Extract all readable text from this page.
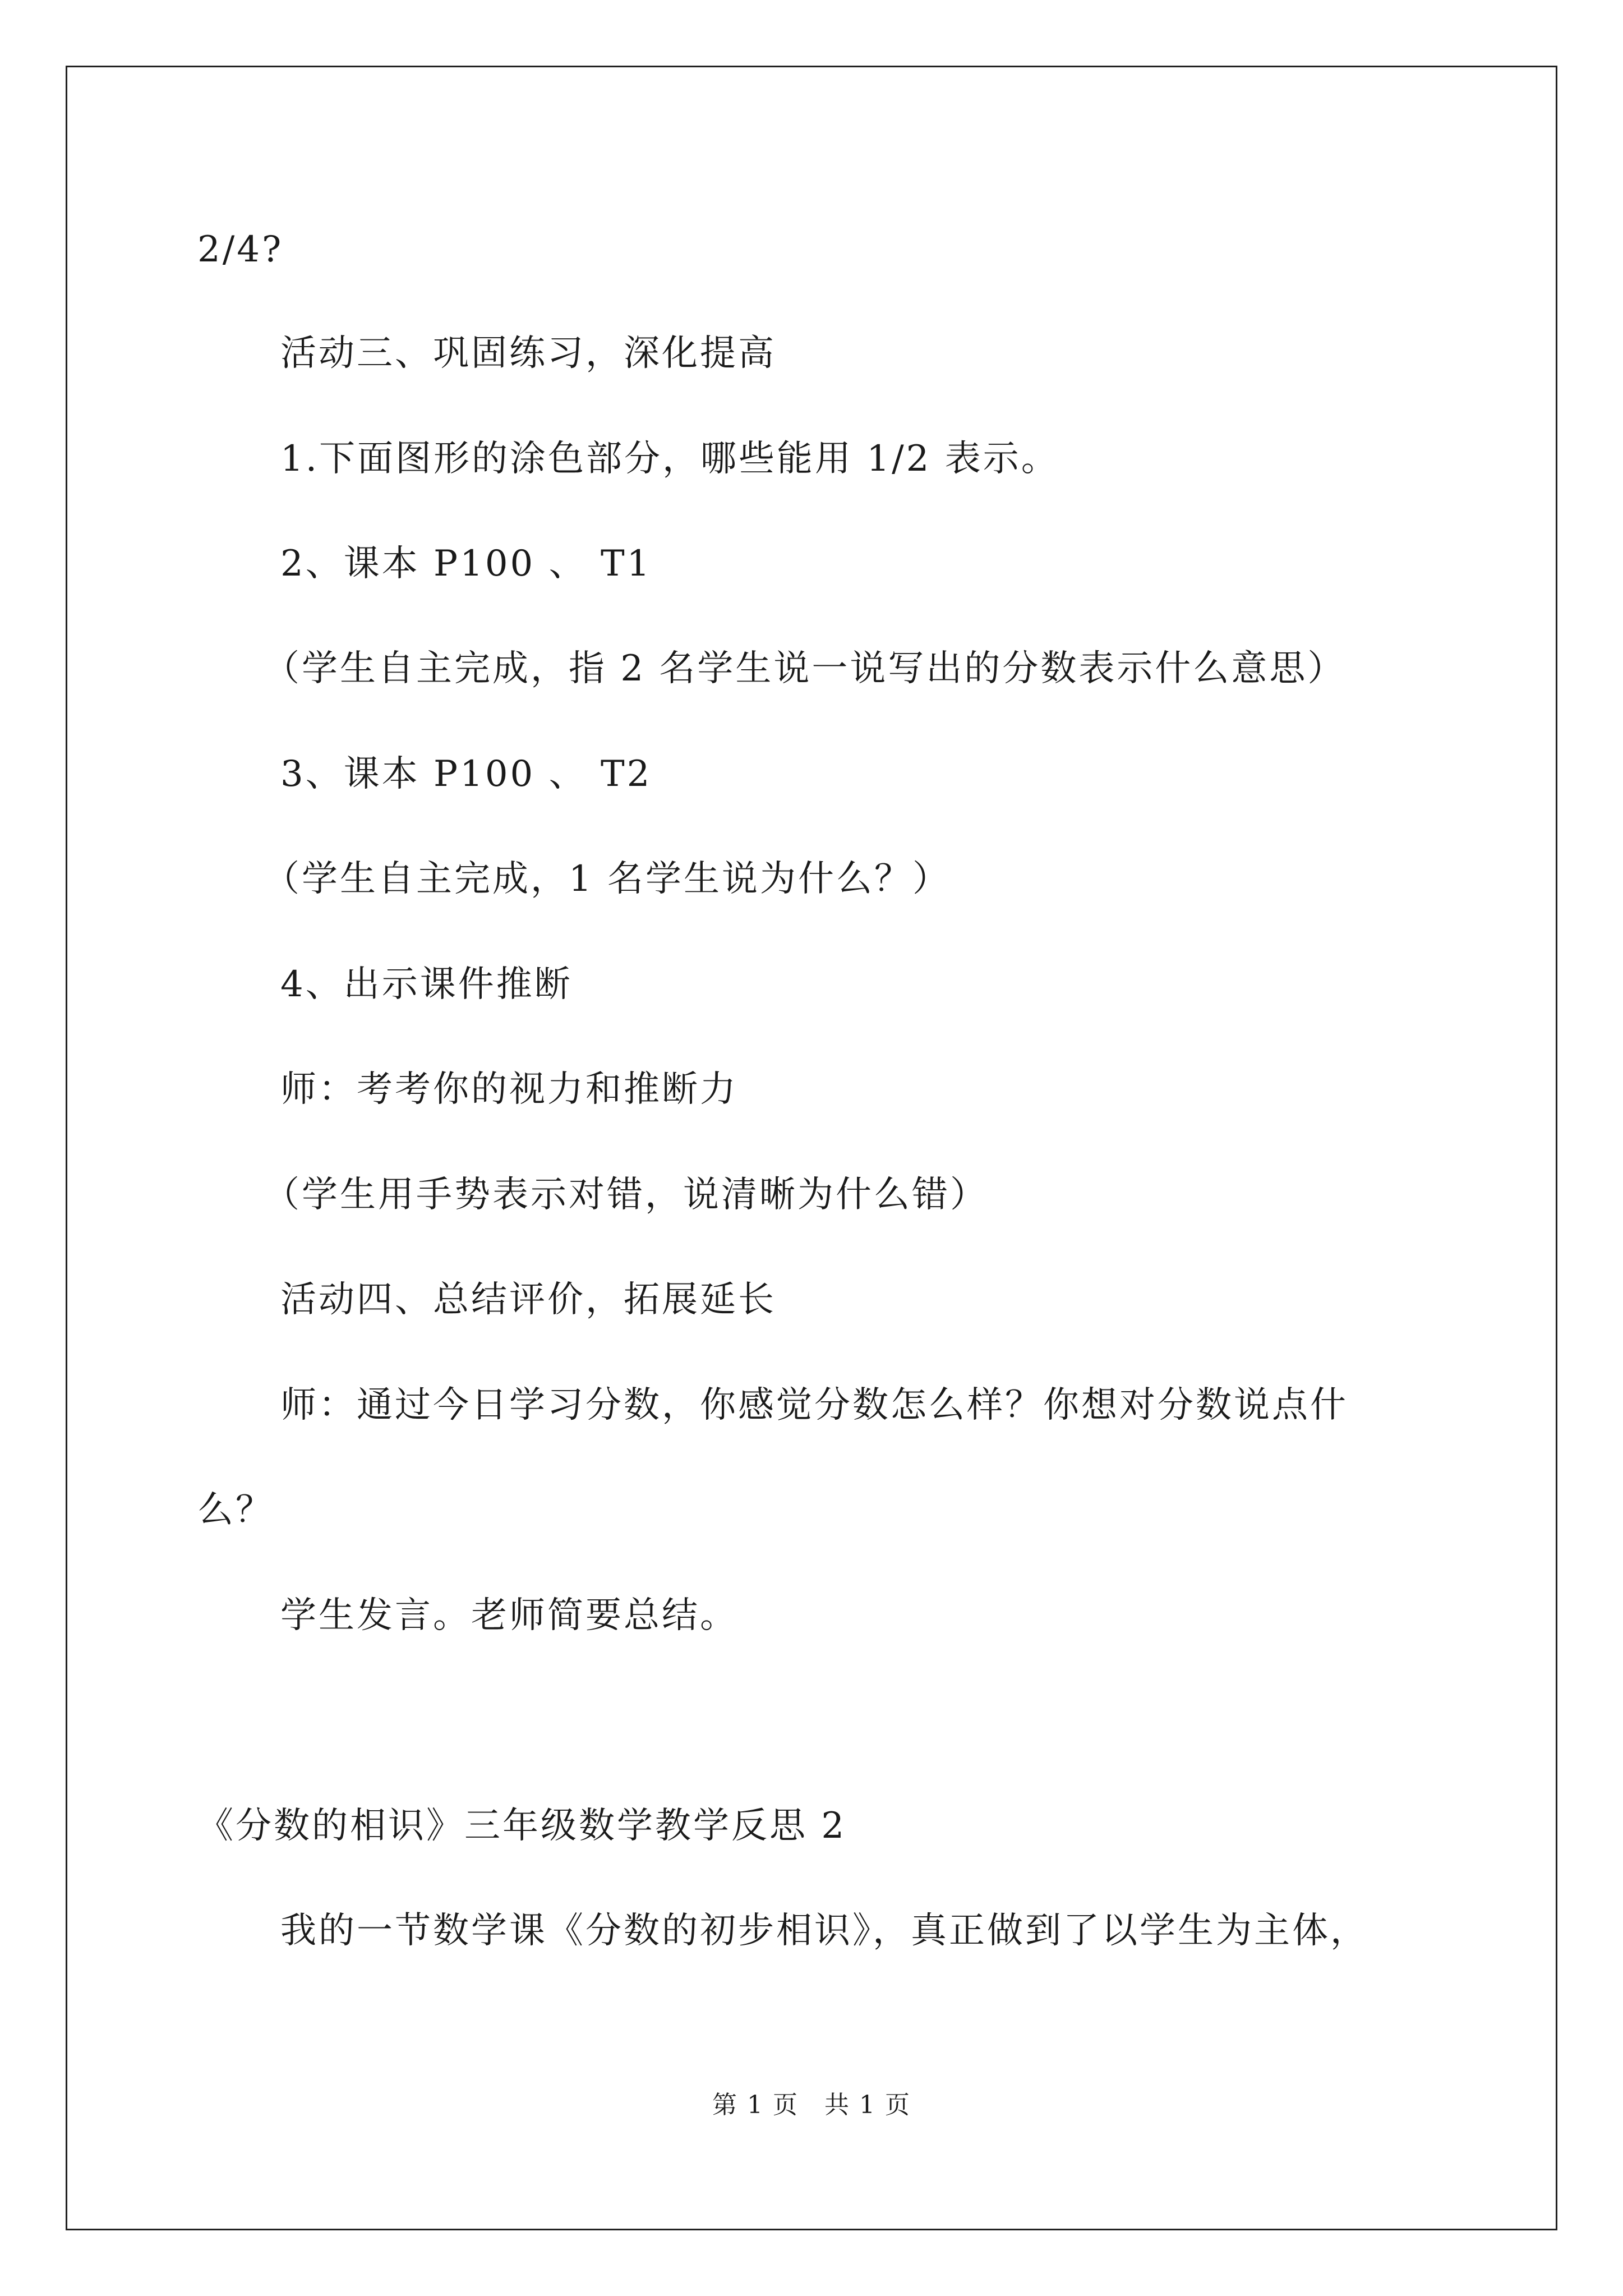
2/4?
活动三、巩固练习，深化提高
1.下面图形的涂色部分，哪些能用 1/2 表示。
2、课本 P100 、 T1
（学生自主完成，指 2 名学生说一说写出的分数表示什么意思）
3、课本 P100 、 T2
（学生自主完成，1 名学生说为什么？）
4、出示课件推断
师：考考你的视力和推断力
（学生用手势表示对错，说清晰为什么错）
活动四、总结评价，拓展延长
师：通过今日学习分数，你感觉分数怎么样？你想对分数说点什
么？
学生发言。老师简要总结。
《分数的相识》三年级数学教学反思 2
我的一节数学课《分数的初步相识》，真正做到了以学生为主体，
第 1 页　共 1 页
